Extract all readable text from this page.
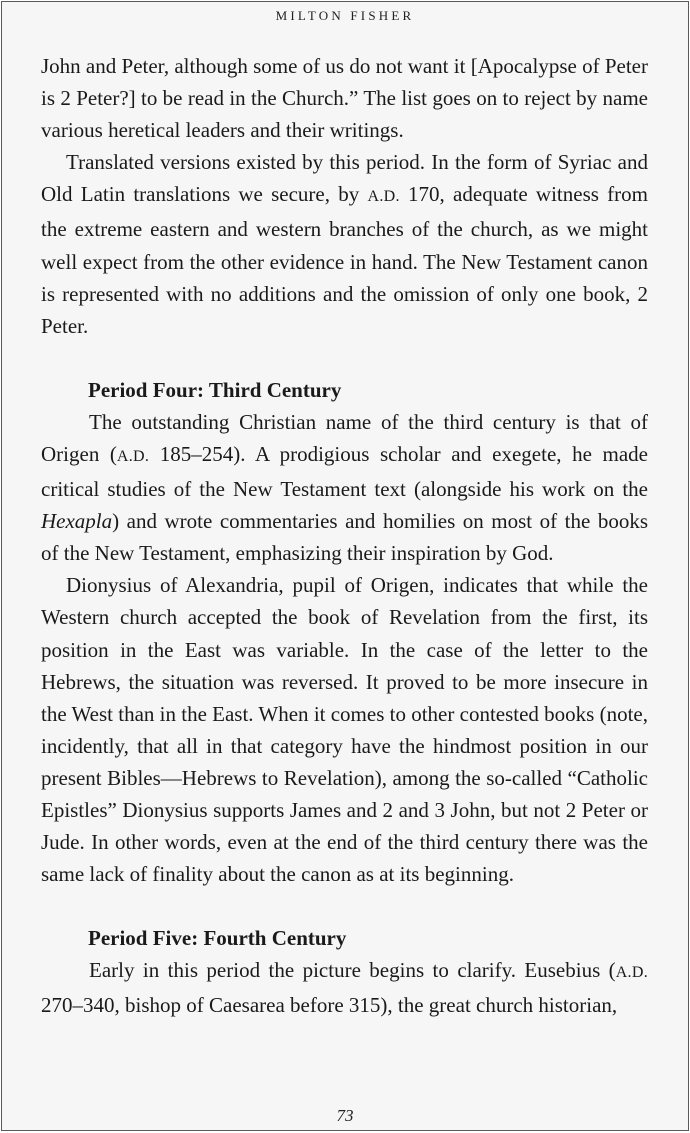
MILTON FISHER

John and Peter, although some of us do not want it [Apocalypse of Peter is 2 Peter?] to be read in the Church.” The list goes on to reject by name various heretical leaders and their writings.

Translated versions existed by this period. In the form of Syriac and Old Latin translations we secure, by A.D. 170, adequate witness from the extreme eastern and western branches of the church, as we might well expect from the other evidence in hand. The New Testament canon is represented with no additions and the omission of only one book, 2 Peter.

Period Four: Third Century

The outstanding Christian name of the third century is that of Origen (A.D. 185–254). A prodigious scholar and exegete, he made critical studies of the New Testament text (alongside his work on the Hexapla) and wrote commentaries and homilies on most of the books of the New Testament, emphasizing their inspiration by God.

Dionysius of Alexandria, pupil of Origen, indicates that while the Western church accepted the book of Revelation from the first, its position in the East was variable. In the case of the letter to the Hebrews, the situation was reversed. It proved to be more insecure in the West than in the East. When it comes to other contested books (note, incidently, that all in that category have the hindmost position in our present Bibles—Hebrews to Revelation), among the so-called “Catholic Epistles” Dionysius supports James and 2 and 3 John, but not 2 Peter or Jude. In other words, even at the end of the third century there was the same lack of finality about the canon as at its beginning.

Period Five: Fourth Century

Early in this period the picture begins to clarify. Eusebius (A.D. 270–340, bishop of Caesarea before 315), the great church historian,

73
